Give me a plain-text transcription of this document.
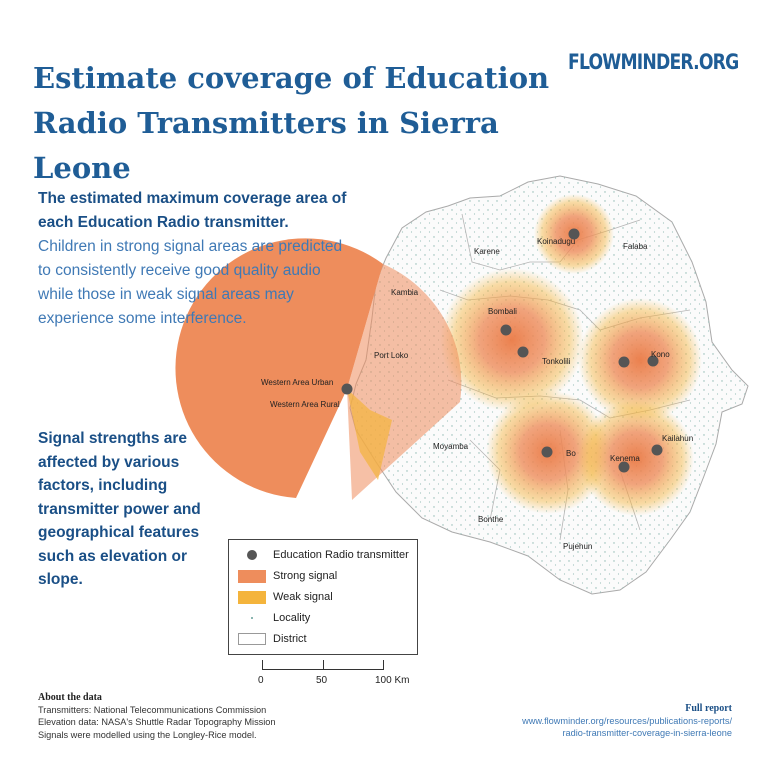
Estimate coverage of Education Radio Transmitters in Sierra Leone
FLOWMINDER.ORG
Koinadugu
Falaba
Karene
Kambia
Bombali
Tonkolili
Kono
Port Loko
Western Area Urban
Western Area Rural
Moyamba
Bo
Kailahun
Kenema
Bonthe
Pujehun

The estimated maximum coverage area of each Education Radio transmitter. Children in strong signal areas are predicted to consistently receive good quality audio while those in weak signal areas may experience some interference.

Signal strengths are affected by various factors, including transmitter power and geographical features such as elevation or slope.

Education Radio transmitter
Strong signal
Weak signal
Locality
District
0	50	100 Km
About the data
Transmitters: National Telecommunications Commission
Elevation data: NASA's Shuttle Radar Topography Mission
Signals were modelled using the Longley-Rice model.
Full report
www.flowminder.org/resources/publications-reports/
radio-transmitter-coverage-in-sierra-leone
